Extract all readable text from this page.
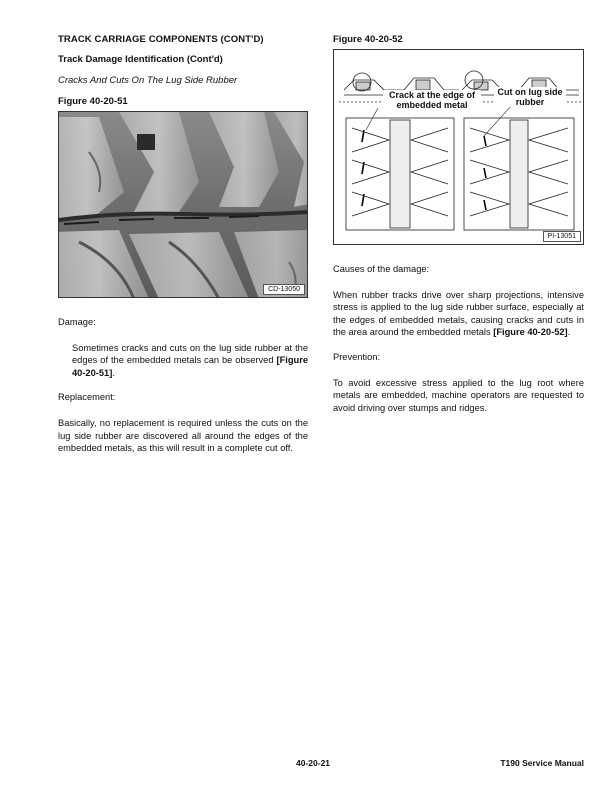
TRACK CARRIAGE COMPONENTS (CONT'D)
Track Damage Identification (Cont'd)
Cracks And Cuts On The Lug Side Rubber
Figure 40-20-51
CD-13050

Damage:

Sometimes cracks and cuts on the lug side rubber at the edges of the embedded metals can be observed [Figure 40-20-51].

Replacement:

Basically, no replacement is required unless the cuts on the lug side rubber are discovered all around the edges of the embedded metals, as this will result in a complete cut off.

Figure 40-20-52
Crack at the edge of embedded metal
Cut on lug side rubber
PI-13051

Causes of the damage:

When rubber tracks drive over sharp projections, intensive stress is applied to the lug side rubber surface, especially at the edges of embedded metals, causing cracks and cuts in the area around the embedded metals [Figure 40-20-52].

Prevention:

To avoid excessive stress applied to the lug root where metals are embedded, machine operators are requested to avoid driving over stumps and ridges.

40-20-21	T190 Service Manual
